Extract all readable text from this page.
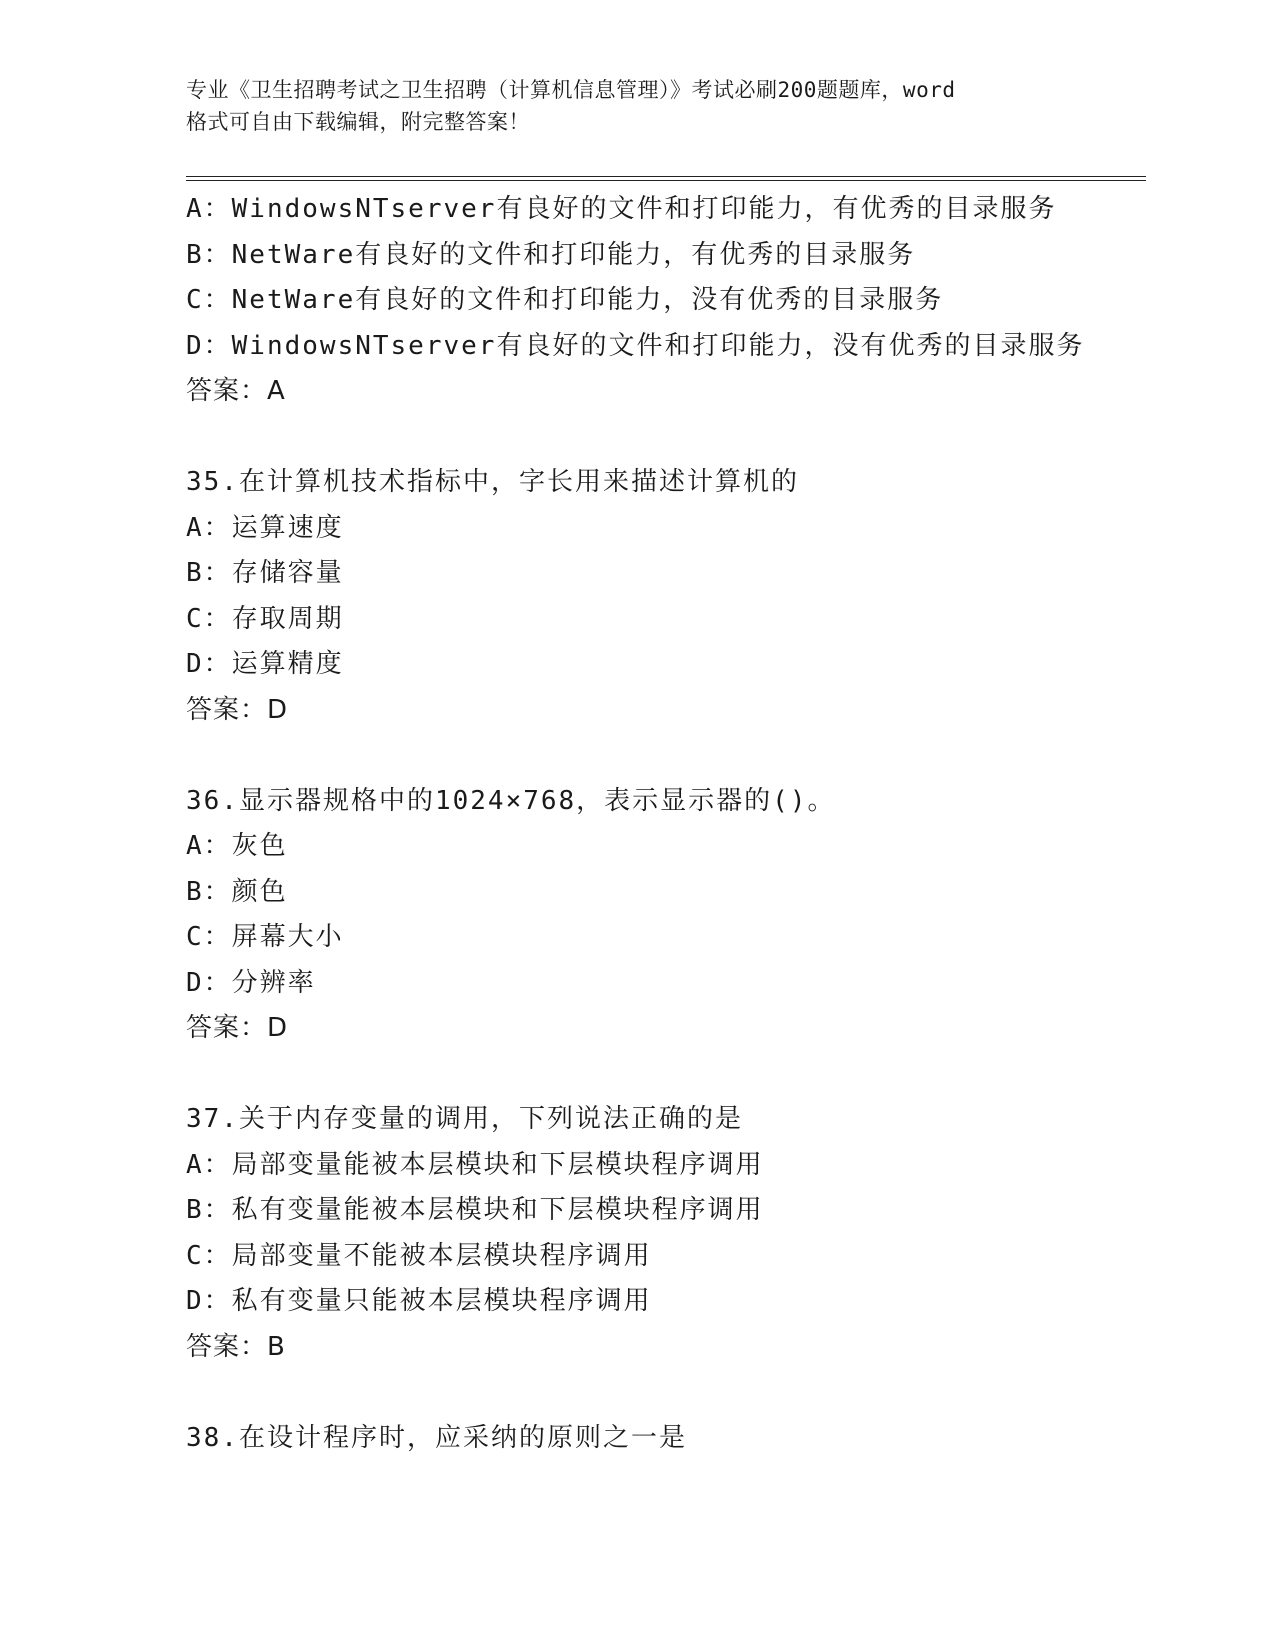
专业《卫生招聘考试之卫生招聘（计算机信息管理）》考试必刷200题题库，word
格式可自由下载编辑，附完整答案！
A：WindowsNTserver有良好的文件和打印能力，有优秀的目录服务
B：NetWare有良好的文件和打印能力，有优秀的目录服务
C：NetWare有良好的文件和打印能力，没有优秀的目录服务
D：WindowsNTserver有良好的文件和打印能力，没有优秀的目录服务
答案：A
35.在计算机技术指标中，字长用来描述计算机的
A：运算速度
B：存储容量
C：存取周期
D：运算精度
答案：D
36.显示器规格中的1024×768，表示显示器的()。
A：灰色
B：颜色
C：屏幕大小
D：分辨率
答案：D
37.关于内存变量的调用，下列说法正确的是
A：局部变量能被本层模块和下层模块程序调用
B：私有变量能被本层模块和下层模块程序调用
C：局部变量不能被本层模块程序调用
D：私有变量只能被本层模块程序调用
答案：B
38.在设计程序时，应采纳的原则之一是
